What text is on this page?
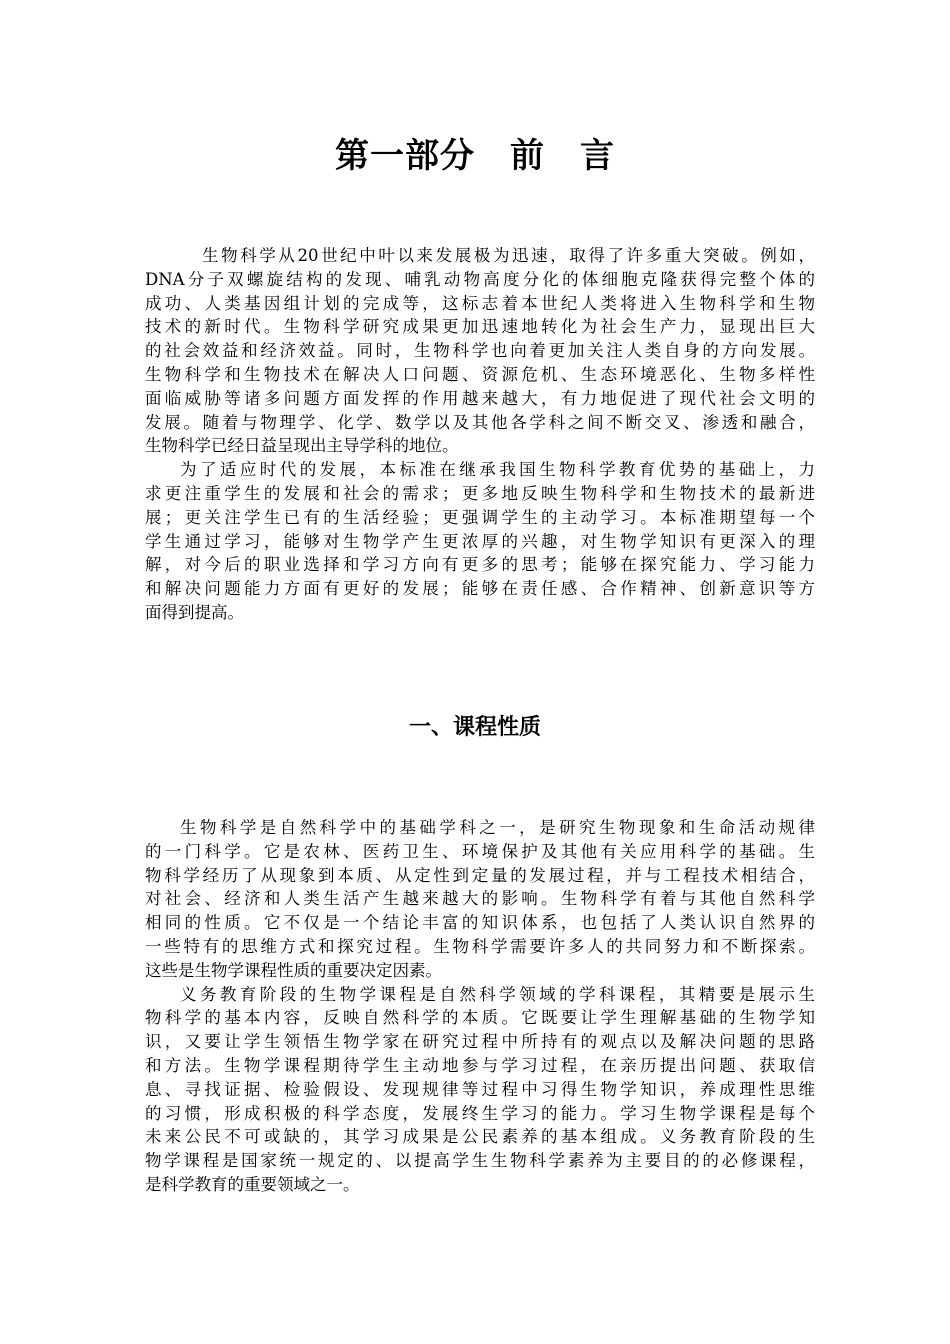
第一部分　前　言
生物科学从20世纪中叶以来发展极为迅速，取得了许多重大突破。例如，
DNA分子双螺旋结构的发现、哺乳动物高度分化的体细胞克隆获得完整个体的
成功、人类基因组计划的完成等，这标志着本世纪人类将进入生物科学和生物
技术的新时代。生物科学研究成果更加迅速地转化为社会生产力，显现出巨大
的社会效益和经济效益。同时，生物科学也向着更加关注人类自身的方向发展。
生物科学和生物技术在解决人口问题、资源危机、生态环境恶化、生物多样性
面临威胁等诸多问题方面发挥的作用越来越大，有力地促进了现代社会文明的
发展。随着与物理学、化学、数学以及其他各学科之间不断交叉、渗透和融合，
生物科学已经日益呈现出主导学科的地位。
为了适应时代的发展，本标准在继承我国生物科学教育优势的基础上，力
求更注重学生的发展和社会的需求；更多地反映生物科学和生物技术的最新进
展；更关注学生已有的生活经验；更强调学生的主动学习。本标准期望每一个
学生通过学习，能够对生物学产生更浓厚的兴趣，对生物学知识有更深入的理
解，对今后的职业选择和学习方向有更多的思考；能够在探究能力、学习能力
和解决问题能力方面有更好的发展；能够在责任感、合作精神、创新意识等方
面得到提高。
一、课程性质
生物科学是自然科学中的基础学科之一，是研究生物现象和生命活动规律
的一门科学。它是农林、医药卫生、环境保护及其他有关应用科学的基础。生
物科学经历了从现象到本质、从定性到定量的发展过程，并与工程技术相结合，
对社会、经济和人类生活产生越来越大的影响。生物科学有着与其他自然科学
相同的性质。它不仅是一个结论丰富的知识体系，也包括了人类认识自然界的
一些特有的思维方式和探究过程。生物科学需要许多人的共同努力和不断探索。
这些是生物学课程性质的重要决定因素。
义务教育阶段的生物学课程是自然科学领域的学科课程，其精要是展示生
物科学的基本内容，反映自然科学的本质。它既要让学生理解基础的生物学知
识，又要让学生领悟生物学家在研究过程中所持有的观点以及解决问题的思路
和方法。生物学课程期待学生主动地参与学习过程，在亲历提出问题、获取信
息、寻找证据、检验假设、发现规律等过程中习得生物学知识，养成理性思维
的习惯，形成积极的科学态度，发展终生学习的能力。学习生物学课程是每个
未来公民不可或缺的，其学习成果是公民素养的基本组成。义务教育阶段的生
物学课程是国家统一规定的、以提高学生生物科学素养为主要目的的必修课程，
是科学教育的重要领域之一。
